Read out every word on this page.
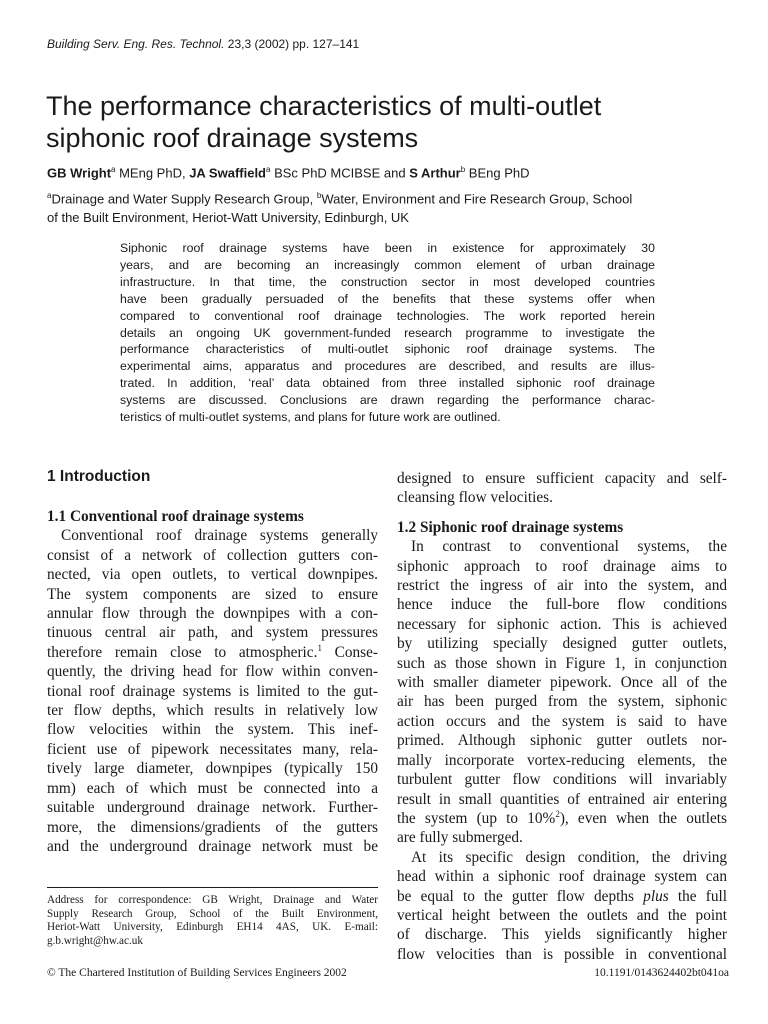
Building Serv. Eng. Res. Technol. 23,3 (2002) pp. 127–141
The performance characteristics of multi-outlet
siphonic roof drainage systems
GB Wright$^a$ MEng PhD, JA Swaffield$^a$ BSc PhD MCIBSE and S Arthur$^b$ BEng PhD
$^a$Drainage and Water Supply Research Group, $^b$Water, Environment and Fire Research Group, School
of the Built Environment, Heriot-Watt University, Edinburgh, UK
Siphonic roof drainage systems have been in existence for approximately 30
years, and are becoming an increasingly common element of urban drainage
infrastructure. In that time, the construction sector in most developed countries
have been gradually persuaded of the benefits that these systems offer when
compared to conventional roof drainage technologies. The work reported herein
details an ongoing UK government-funded research programme to investigate the
performance characteristics of multi-outlet siphonic roof drainage systems. The
experimental aims, apparatus and procedures are described, and results are illus-
trated. In addition, ‘real’ data obtained from three installed siphonic roof drainage
systems are discussed. Conclusions are drawn regarding the performance charac-
teristics of multi-outlet systems, and plans for future work are outlined.
1 Introduction
1.1 Conventional roof drainage systems
Conventional roof drainage systems generally
consist of a network of collection gutters con-
nected, via open outlets, to vertical downpipes.
The system components are sized to ensure
annular flow through the downpipes with a con-
tinuous central air path, and system pressures
therefore remain close to atmospheric.$^1$ Conse-
quently, the driving head for flow within conven-
tional roof drainage systems is limited to the gut-
ter flow depths, which results in relatively low
flow velocities within the system. This inef-
ficient use of pipework necessitates many, rela-
tively large diameter, downpipes (typically 150
mm) each of which must be connected into a
suitable underground drainage network. Further-
more, the dimensions/gradients of the gutters
and the underground drainage network must be
designed to ensure sufficient capacity and self-
cleansing flow velocities.
1.2 Siphonic roof drainage systems
In contrast to conventional systems, the
siphonic approach to roof drainage aims to
restrict the ingress of air into the system, and
hence induce the full-bore flow conditions
necessary for siphonic action. This is achieved
by utilizing specially designed gutter outlets,
such as those shown in Figure 1, in conjunction
with smaller diameter pipework. Once all of the
air has been purged from the system, siphonic
action occurs and the system is said to have
primed. Although siphonic gutter outlets nor-
mally incorporate vortex-reducing elements, the
turbulent gutter flow conditions will invariably
result in small quantities of entrained air entering
the system (up to 10%$^2$), even when the outlets
are fully submerged.
At its specific design condition, the driving
head within a siphonic roof drainage system can
be equal to the gutter flow depths plus the full
vertical height between the outlets and the point
of discharge. This yields significantly higher
flow velocities than is possible in conventional
Address for correspondence: GB Wright, Drainage and Water
Supply Research Group, School of the Built Environment,
Heriot-Watt University, Edinburgh EH14 4AS, UK. E-mail:
g.b.wright@hw.ac.uk
© The Chartered Institution of Building Services Engineers 2002	10.1191/0143624402bt041oa
